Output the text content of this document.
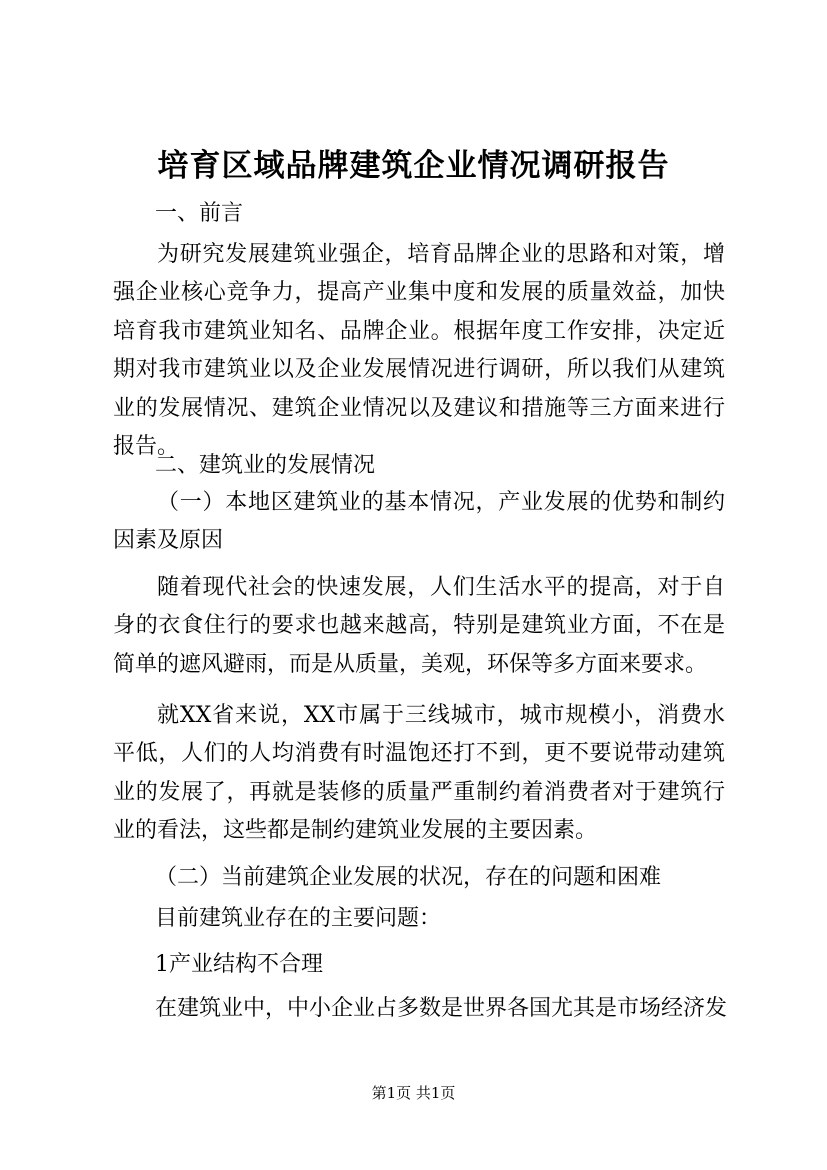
培育区域品牌建筑企业情况调研报告
一、前言

为研究发展建筑业强企，培育品牌企业的思路和对策，增强企业核心竞争力，提高产业集中度和发展的质量效益，加快培育我市建筑业知名、品牌企业。根据年度工作安排，决定近期对我市建筑业以及企业发展情况进行调研，所以我们从建筑业的发展情况、建筑企业情况以及建议和措施等三方面来进行报告。

二、建筑业的发展情况

（一）本地区建筑业的基本情况，产业发展的优势和制约因素及原因

随着现代社会的快速发展，人们生活水平的提高，对于自身的衣食住行的要求也越来越高，特别是建筑业方面，不在是简单的遮风避雨，而是从质量，美观，环保等多方面来要求。

就XX省来说，XX市属于三线城市，城市规模小，消费水平低，人们的人均消费有时温饱还打不到，更不要说带动建筑业的发展了，再就是装修的质量严重制约着消费者对于建筑行业的看法，这些都是制约建筑业发展的主要因素。

（二）当前建筑企业发展的状况，存在的问题和困难
目前建筑业存在的主要问题：
1产业结构不合理
在建筑业中，中小企业占多数是世界各国尤其是市场经济发
第1页 共1页
